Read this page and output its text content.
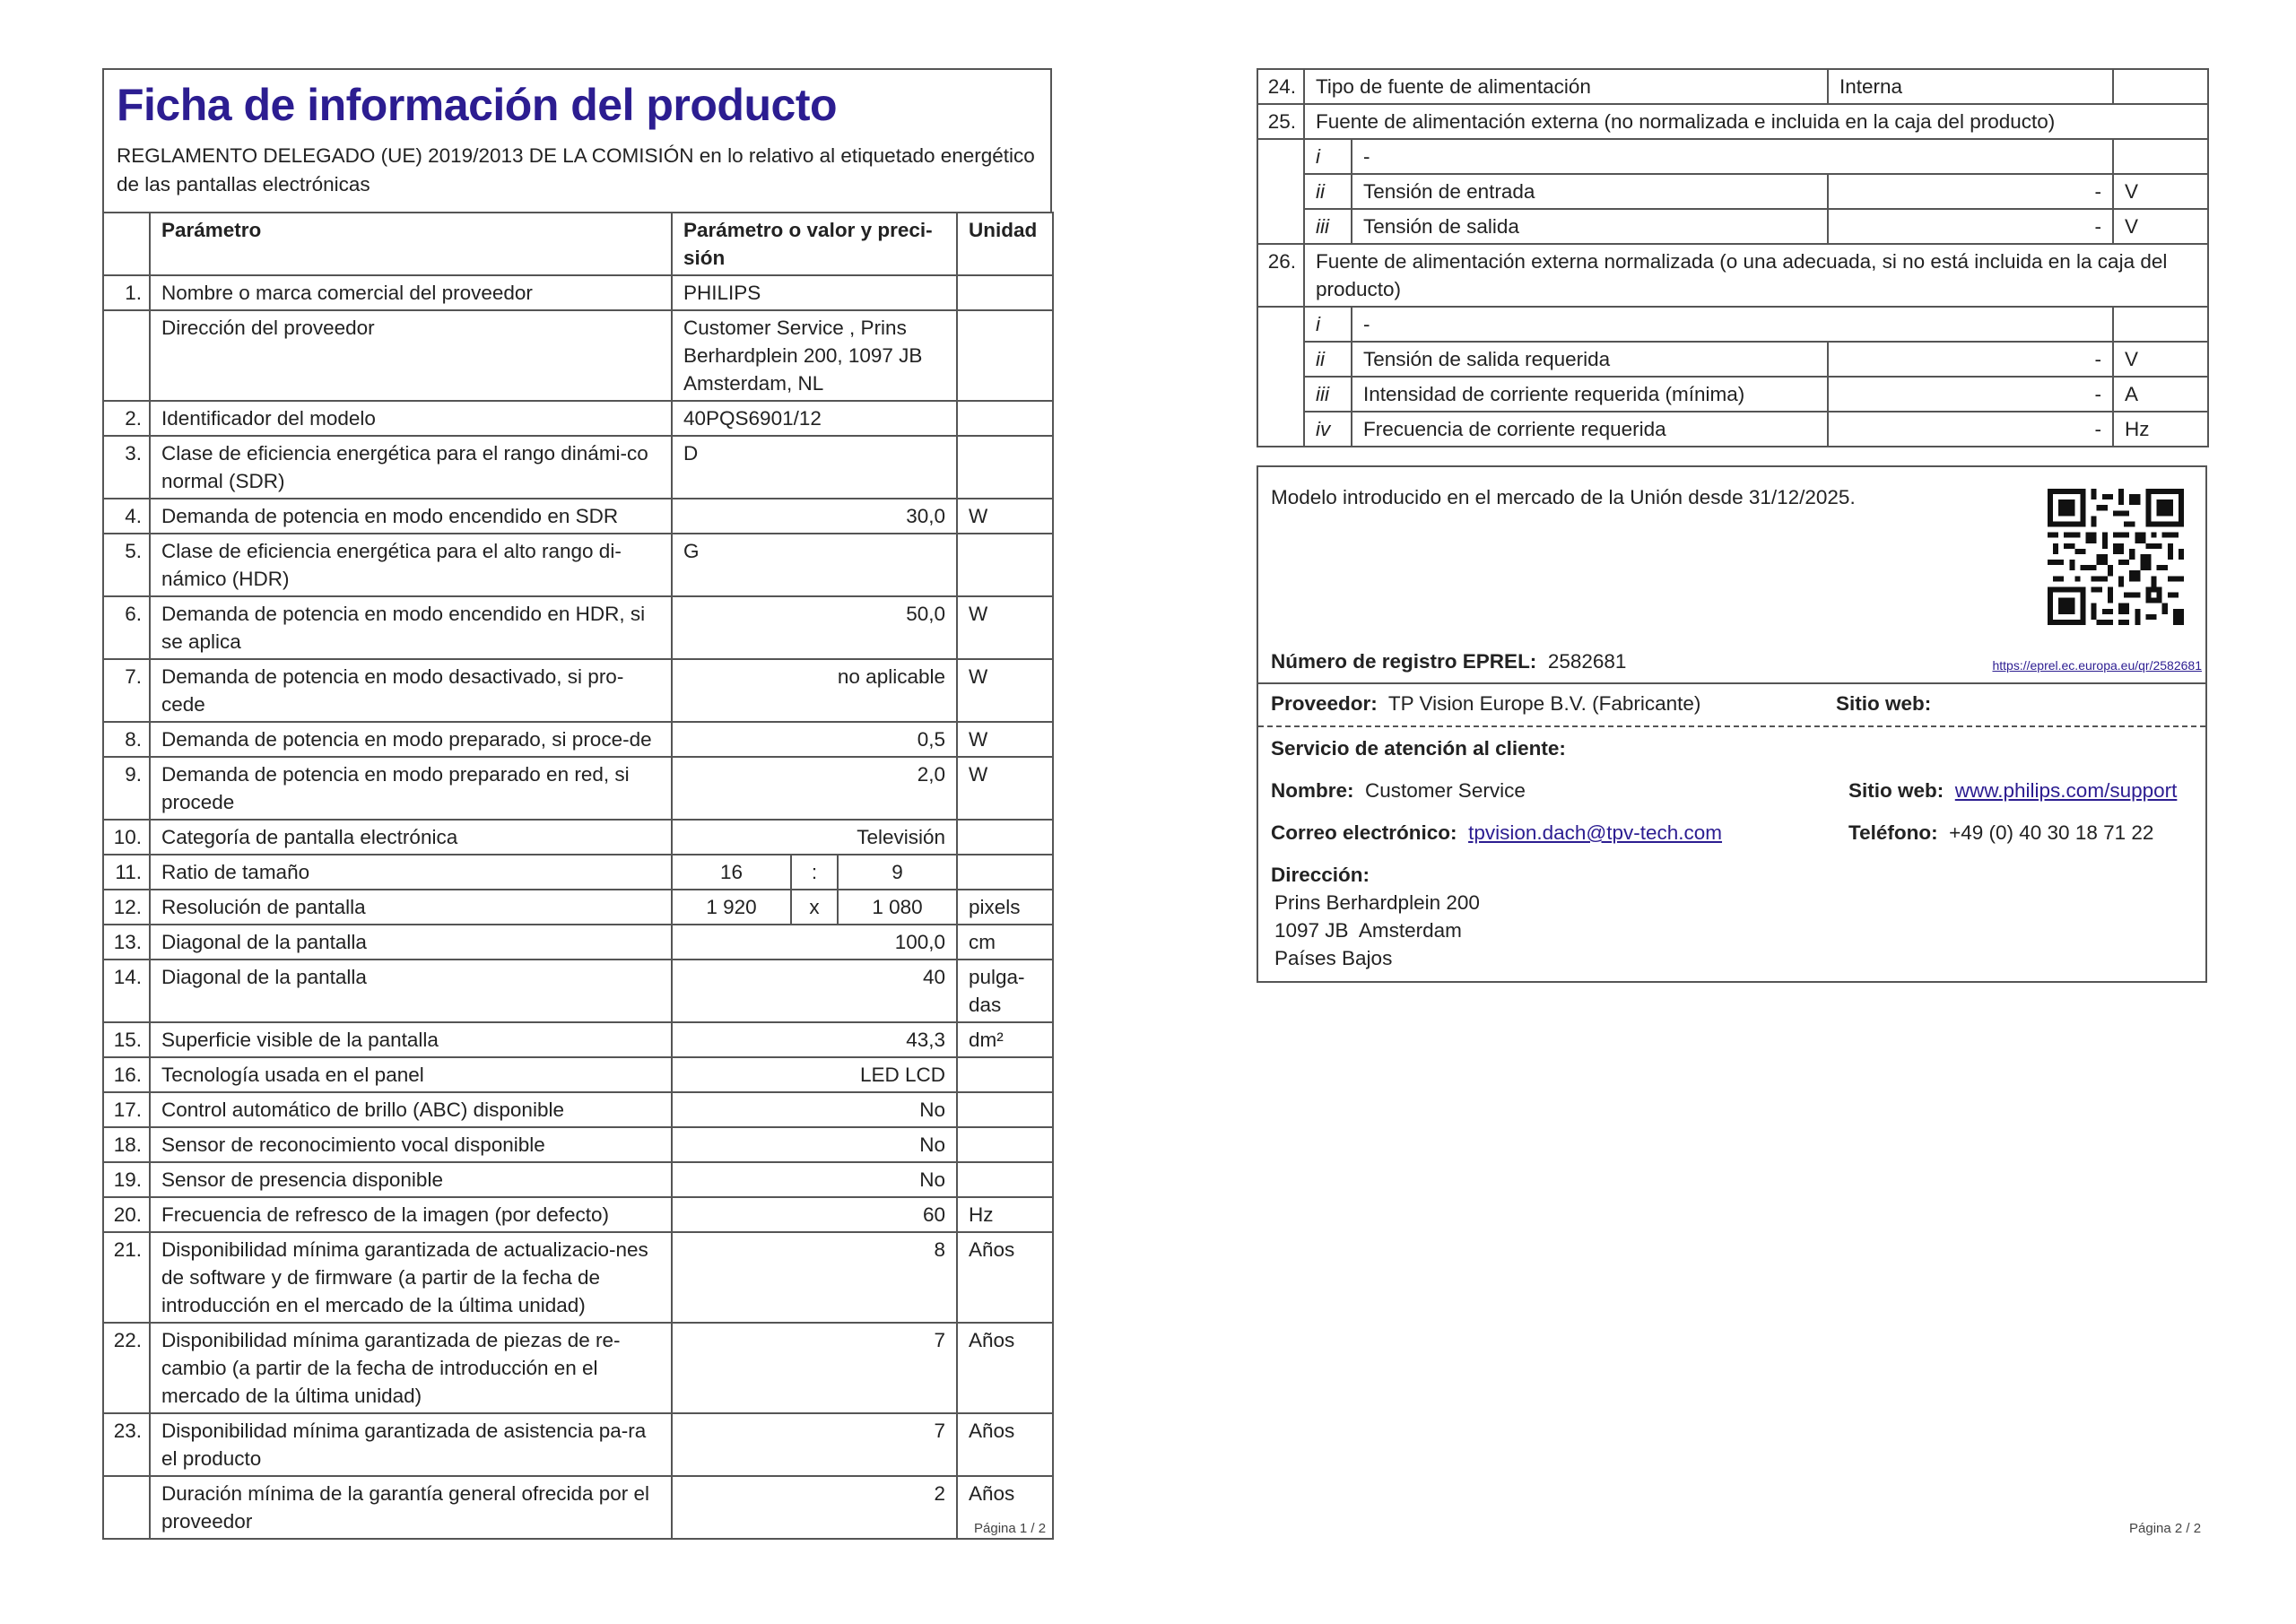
Ficha de información del producto
REGLAMENTO DELEGADO (UE) 2019/2013 DE LA COMISIÓN en lo relativo al etiquetado energético de las pantallas electrónicas
	Parámetro	Parámetro o valor y preci-sión			Unidad
1.	Nombre o marca comercial del proveedor	PHILIPS			
	Dirección del proveedor	Customer Service , Prins Berhardplein 200, 1097 JB Amsterdam, NL			
2.	Identificador del modelo	40PQS6901/12			
3.	Clase de eficiencia energética para el rango dinámi-co normal (SDR)	D			
4.	Demanda de potencia en modo encendido en SDR	30,0			W
5.	Clase de eficiencia energética para el alto rango di-námico (HDR)	G			
6.	Demanda de potencia en modo encendido en HDR, si se aplica	50,0			W
7.	Demanda de potencia en modo desactivado, si pro-cede	no aplicable			W
8.	Demanda de potencia en modo preparado, si proce-de	0,5			W
9.	Demanda de potencia en modo preparado en red, si procede	2,0			W
10.	Categoría de pantalla electrónica	Televisión			
11.	Ratio de tamaño	16	:	9	
12.	Resolución de pantalla	1 920	x	1 080	pixels
13.	Diagonal de la pantalla	100,0			cm
14.	Diagonal de la pantalla	40			pulga-das
15.	Superficie visible de la pantalla	43,3			dm²
16.	Tecnología usada en el panel	LED LCD			
17.	Control automático de brillo (ABC) disponible	No			
18.	Sensor de reconocimiento vocal disponible	No			
19.	Sensor de presencia disponible	No			
20.	Frecuencia de refresco de la imagen (por defecto)	60			Hz
21.	Disponibilidad mínima garantizada de actualizacio-nes de software y de firmware (a partir de la fecha de introducción en el mercado de la última unidad)	8			Años
22.	Disponibilidad mínima garantizada de piezas de re-cambio (a partir de la fecha de introducción en el mercado de la última unidad)	7			Años
23.	Disponibilidad mínima garantizada de asistencia pa-ra el producto	7			Años
	Duración mínima de la garantía general ofrecida por el proveedor	2			Años
Página 1 / 2
24.	Tipo de fuente de alimentación		Interna	
25.	Fuente de alimentación externa (no normalizada e incluida en la caja del producto)			
	i	-		
	ii	Tensión de entrada	-	V
	iii	Tensión de salida	-	V
26.	Fuente de alimentación externa normalizada (o una adecuada, si no está incluida en la caja del producto)			
	i	-		
	ii	Tensión de salida requerida	-	V
	iii	Intensidad de corriente requerida (mínima)	-	A
	iv	Frecuencia de corriente requerida	-	Hz
Modelo introducido en el mercado de la Unión desde 31/12/2025.
Número de registro EPREL: 2582681	https://eprel.ec.europa.eu/qr/2582681
Proveedor: TP Vision Europe B.V. (Fabricante)	Sitio web:
Servicio de atención al cliente:
Nombre: Customer Service	Sitio web: www.philips.com/support
Correo electrónico: tpvision.dach@tpv-tech.com	Teléfono: +49 (0) 40 30 18 71 22
Dirección:
Prins Berhardplein 200
1097 JB  Amsterdam
Países Bajos
Página 2 / 2
